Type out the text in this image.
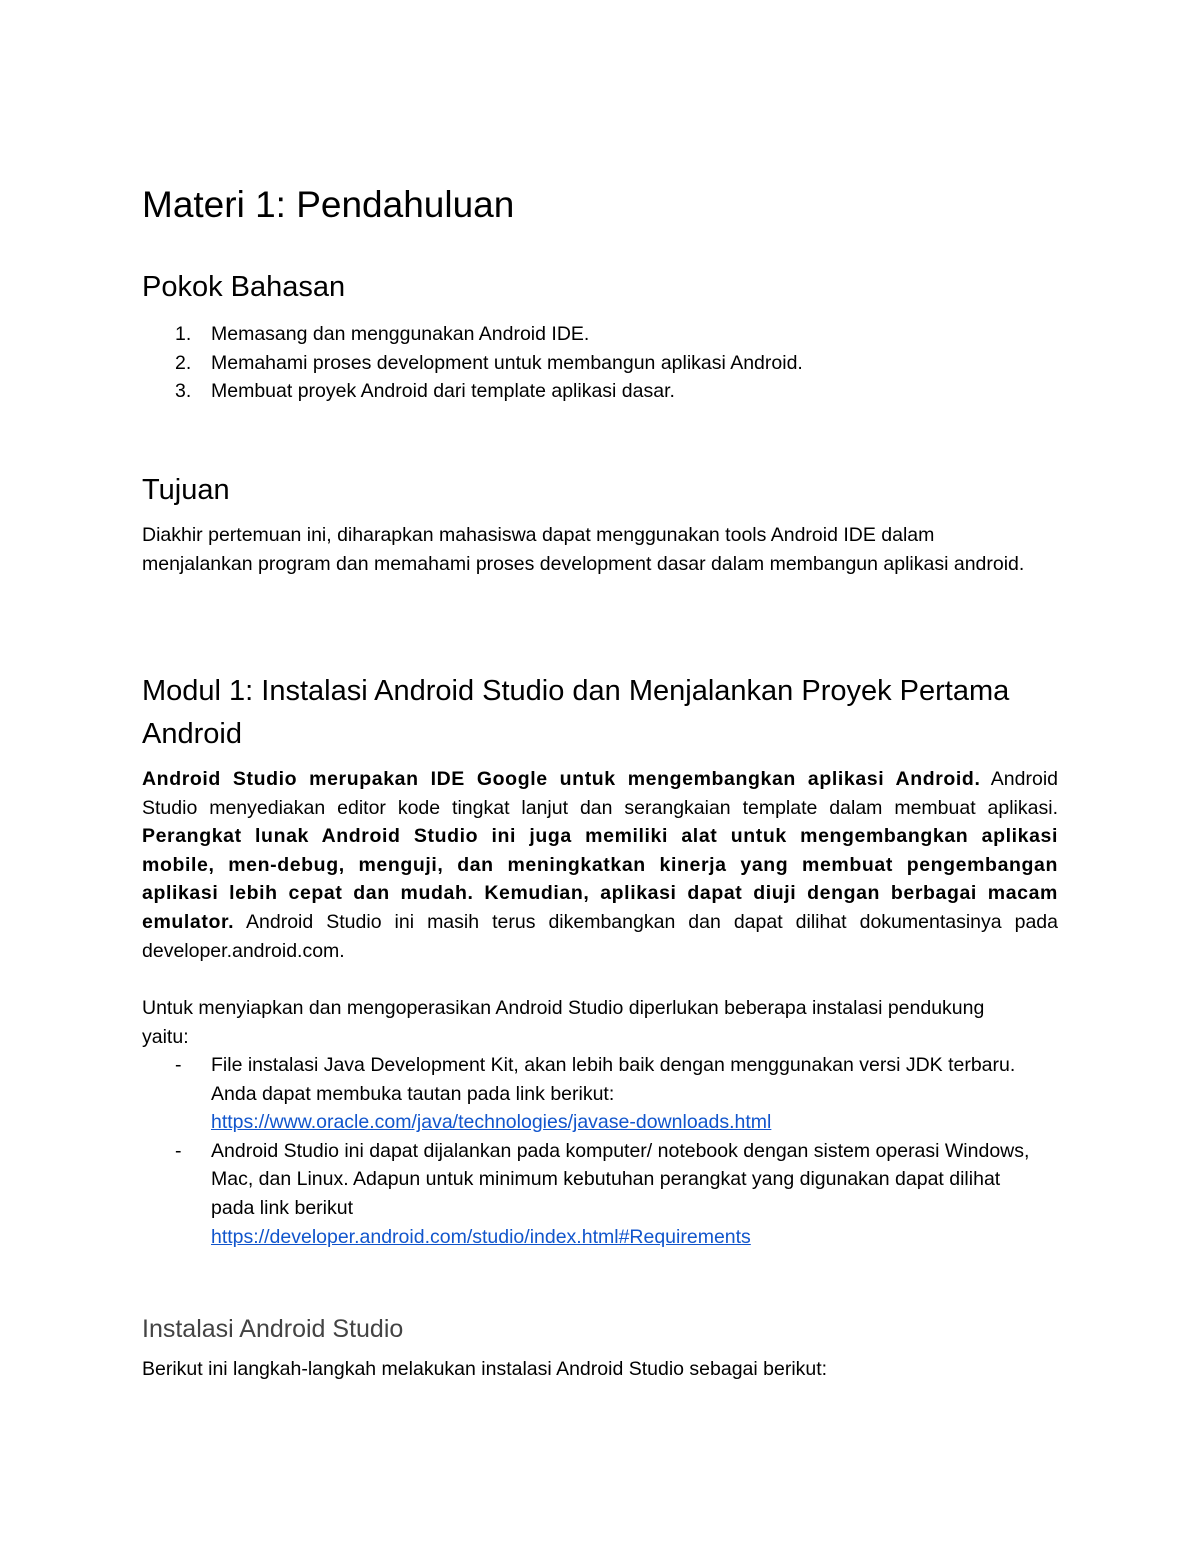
Materi 1: Pendahuluan
Pokok Bahasan
1. Memasang dan menggunakan Android IDE.
2. Memahami proses development untuk membangun aplikasi Android.
3. Membuat proyek Android dari template aplikasi dasar.
Tujuan

Diakhir pertemuan ini, diharapkan mahasiswa dapat menggunakan tools Android IDE dalam menjalankan program dan memahami proses development dasar dalam membangun aplikasi android.

Modul 1: Instalasi Android Studio dan Menjalankan Proyek Pertama Android

Android Studio merupakan IDE Google untuk mengembangkan aplikasi Android. Android Studio menyediakan editor kode tingkat lanjut dan serangkaian template dalam membuat aplikasi. Perangkat lunak Android Studio ini juga memiliki alat untuk mengembangkan aplikasi mobile, men-debug, menguji, dan meningkatkan kinerja yang membuat pengembangan aplikasi lebih cepat dan mudah. Kemudian, aplikasi dapat diuji dengan berbagai macam emulator. Android Studio ini masih terus dikembangkan dan dapat dilihat dokumentasinya pada developer.android.com.

Untuk menyiapkan dan mengoperasikan Android Studio diperlukan beberapa instalasi pendukung yaitu:

- File instalasi Java Development Kit, akan lebih baik dengan menggunakan versi JDK terbaru. Anda dapat membuka tautan pada link berikut:
https://www.oracle.com/java/technologies/javase-downloads.html
- Android Studio ini dapat dijalankan pada komputer/ notebook dengan sistem operasi Windows, Mac, dan Linux. Adapun untuk minimum kebutuhan perangkat yang digunakan dapat dilihat pada link berikut
https://developer.android.com/studio/index.html#Requirements
Instalasi Android Studio

Berikut ini langkah-langkah melakukan instalasi Android Studio sebagai berikut:
